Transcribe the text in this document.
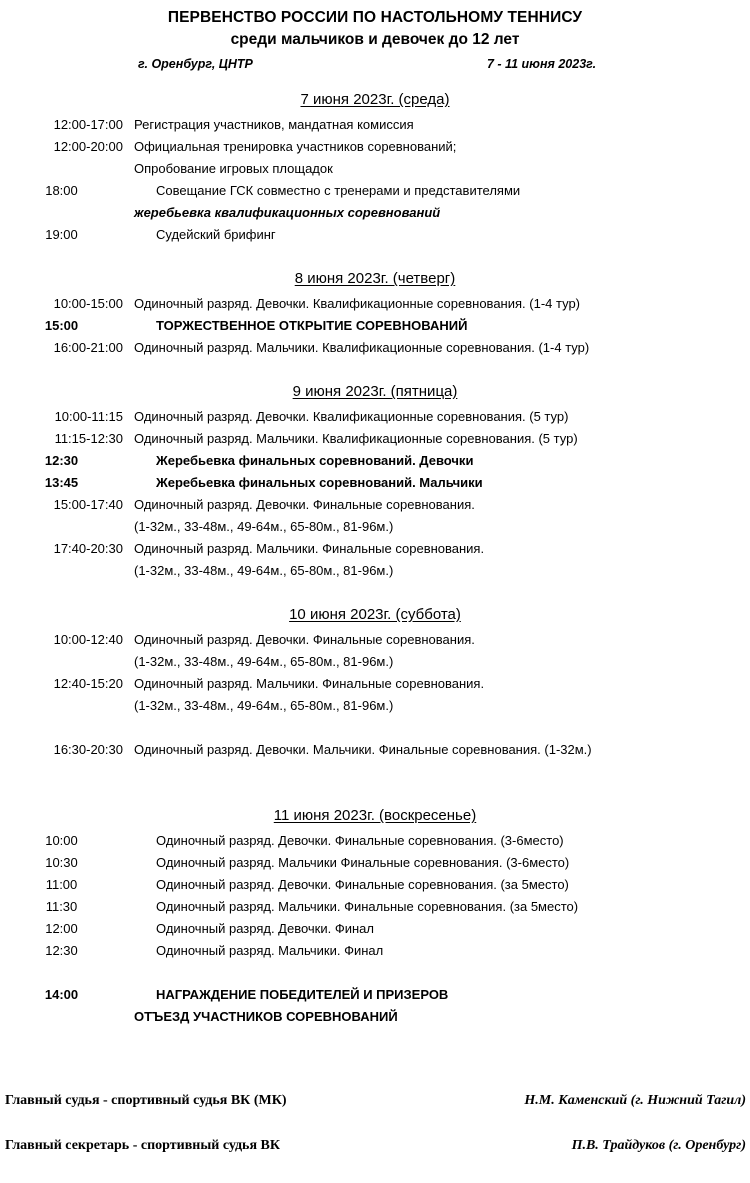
ПЕРВЕНСТВО РОССИИ ПО НАСТОЛЬНОМУ ТЕННИСУ
среди мальчиков и девочек до 12 лет
г. Оренбург, ЦНТР	7 - 11 июня 2023г.
7 июня 2023г. (среда)
12:00-17:00 Регистрация участников, мандатная комиссия
12:00-20:00 Официальная тренировка участников соревнований;
Опробование игровых площадок
18:00	Совещание ГСК совместно с тренерами и представителями
жеребьевка квалификационных соревнований
19:00	Судейский брифинг
8 июня 2023г. (четверг)
10:00-15:00 Одиночный разряд. Девочки. Квалификационные соревнования. (1-4 тур)
15:00	ТОРЖЕСТВЕННОЕ ОТКРЫТИЕ СОРЕВНОВАНИЙ
16:00-21:00 Одиночный разряд. Мальчики. Квалификационные соревнования. (1-4 тур)
9 июня 2023г. (пятница)
10:00-11:15 Одиночный разряд. Девочки. Квалификационные соревнования. (5 тур)
11:15-12:30 Одиночный разряд. Мальчики. Квалификационные соревнования. (5 тур)
12:30	Жеребьевка финальных соревнований. Девочки
13:45	Жеребьевка финальных соревнований. Мальчики
15:00-17:40 Одиночный разряд. Девочки. Финальные соревнования.
(1-32м., 33-48м., 49-64м., 65-80м., 81-96м.)
17:40-20:30 Одиночный разряд. Мальчики. Финальные соревнования.
(1-32м., 33-48м., 49-64м., 65-80м., 81-96м.)
10 июня 2023г. (суббота)
10:00-12:40 Одиночный разряд. Девочки. Финальные соревнования.
(1-32м., 33-48м., 49-64м., 65-80м., 81-96м.)
12:40-15:20 Одиночный разряд. Мальчики. Финальные соревнования.
(1-32м., 33-48м., 49-64м., 65-80м., 81-96м.)
16:30-20:30 Одиночный разряд. Девочки. Мальчики. Финальные соревнования. (1-32м.)
11 июня 2023г. (воскресенье)
10:00	Одиночный разряд. Девочки. Финальные соревнования. (3-6место)
10:30	Одиночный разряд. Мальчики Финальные соревнования. (3-6место)
11:00	Одиночный разряд. Девочки. Финальные соревнования. (за 5место)
11:30	Одиночный разряд. Мальчики. Финальные соревнования. (за 5место)
12:00	Одиночный разряд. Девочки. Финал
12:30	Одиночный разряд. Мальчики. Финал
14:00	НАГРАЖДЕНИЕ ПОБЕДИТЕЛЕЙ И ПРИЗЕРОВ
ОТЪЕЗД УЧАСТНИКОВ СОРЕВНОВАНИЙ
Главный судья - спортивный судья ВК (МК)	Н.М. Каменский (г. Нижний Тагил)
Главный секретарь - спортивный судья ВК	П.В. Трайдуков (г. Оренбург)
